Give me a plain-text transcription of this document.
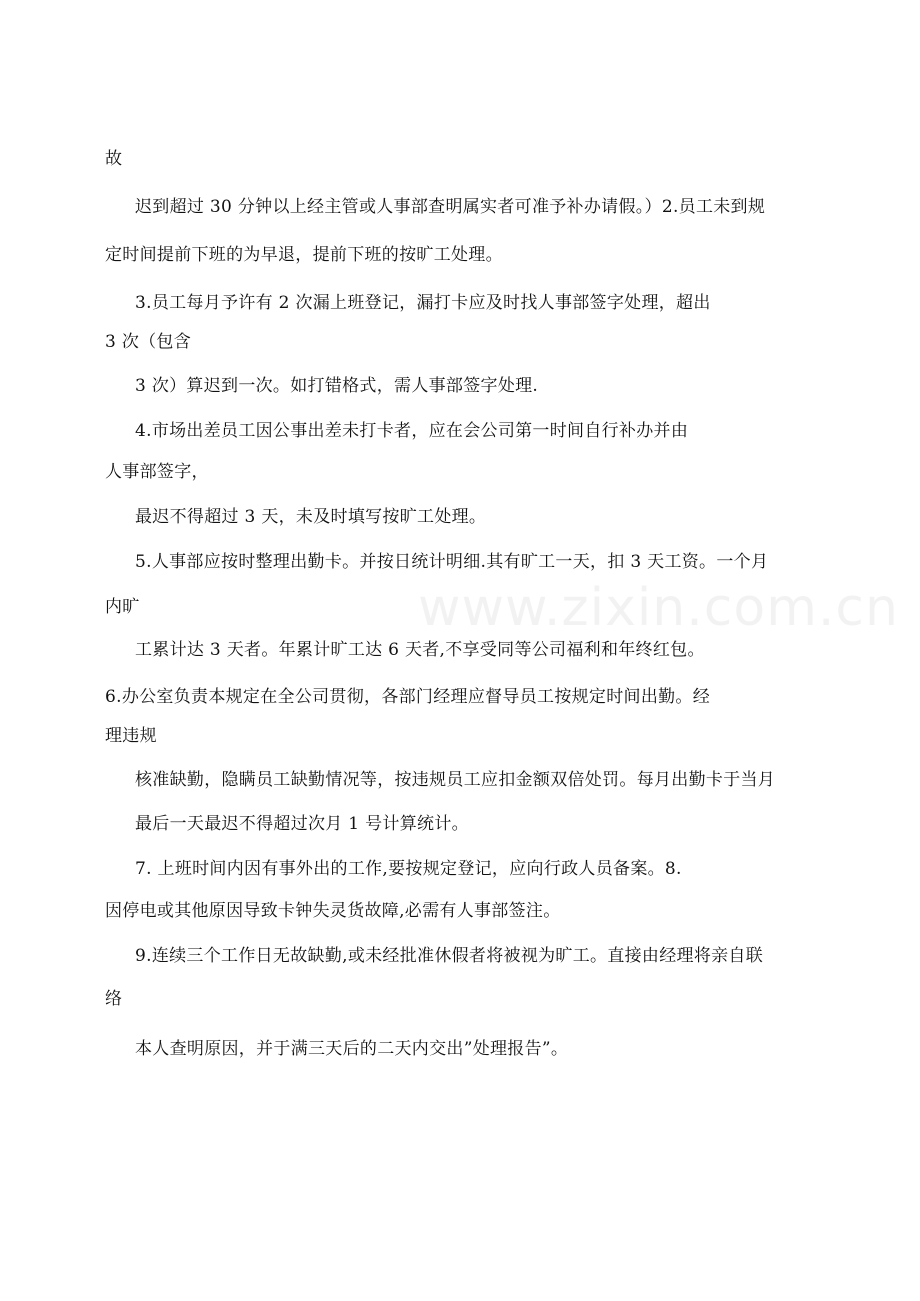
www.zixin.com.cn
故
迟到超过 30 分钟以上经主管或人事部查明属实者可准予补办请假。）2.员工未到规
定时间提前下班的为早退，提前下班的按旷工处理。
3.员工每月予许有 2 次漏上班登记，漏打卡应及时找人事部签字处理，超出
3 次（包含
3 次）算迟到一次。如打错格式，需人事部签字处理.
4.市场出差员工因公事出差未打卡者，应在会公司第一时间自行补办并由
人事部签字，
最迟不得超过 3 天，未及时填写按旷工处理。
5.人事部应按时整理出勤卡。并按日统计明细.其有旷工一天，扣 3 天工资。一个月
内旷
工累计达 3 天者。年累计旷工达 6 天者,不享受同等公司福利和年终红包。
6.办公室负责本规定在全公司贯彻，各部门经理应督导员工按规定时间出勤。经
理违规
核准缺勤，隐瞒员工缺勤情况等，按违规员工应扣金额双倍处罚。每月出勤卡于当月
最后一天最迟不得超过次月 1 号计算统计。
7. 上班时间内因有事外出的工作,要按规定登记，应向行政人员备案。8.
因停电或其他原因导致卡钟失灵货故障,必需有人事部签注。
9.连续三个工作日无故缺勤,或未经批准休假者将被视为旷工。直接由经理将亲自联
络
本人查明原因，并于满三天后的二天内交出”处理报告”。
